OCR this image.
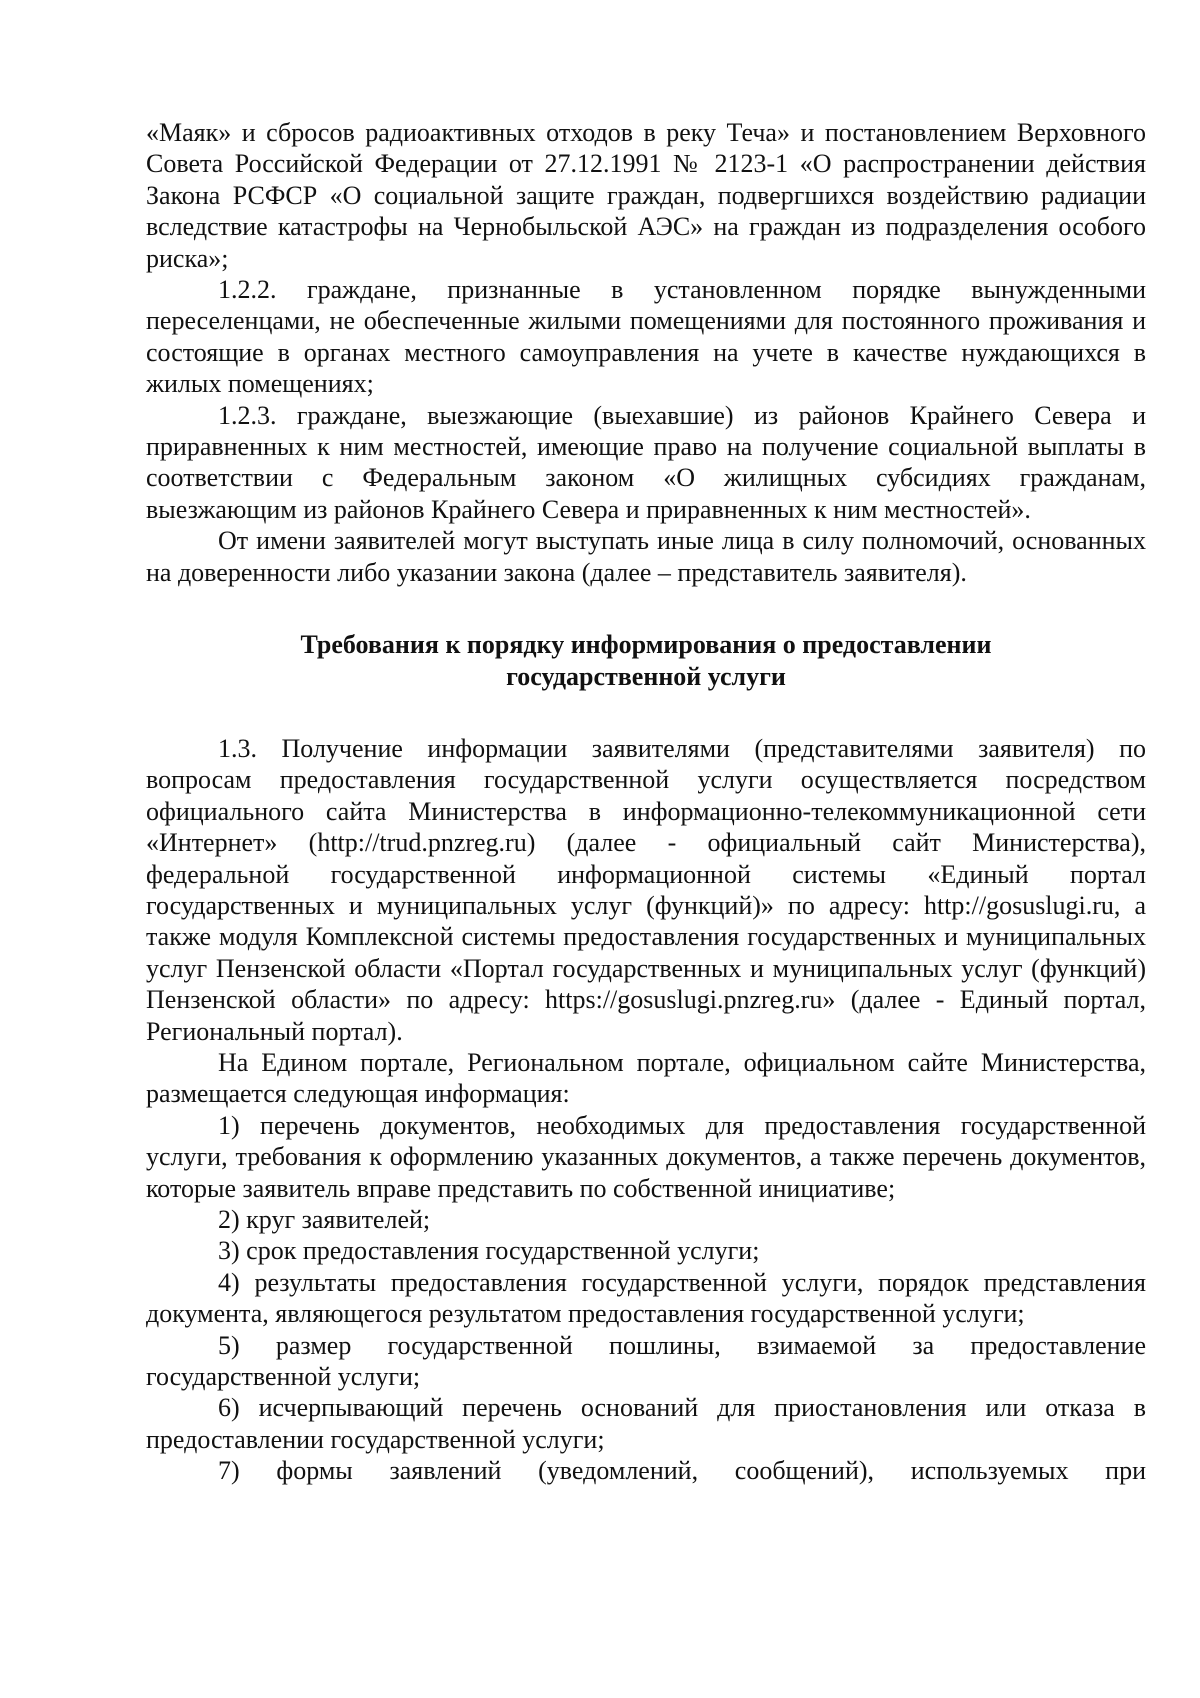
«Маяк» и сбросов радиоактивных отходов в реку Теча» и постановлением Верховного Совета Российской Федерации от 27.12.1991 № 2123-1 «О распространении действия Закона РСФСР «О социальной защите граждан, подвергшихся воздействию радиации вследствие катастрофы на Чернобыльской АЭС» на граждан из подразделения особого риска»;

1.2.2. граждане, признанные в установленном порядке вынужденными переселенцами, не обеспеченные жилыми помещениями для постоянного проживания и состоящие в органах местного самоуправления на учете в качестве нуждающихся в жилых помещениях;

1.2.3. граждане, выезжающие (выехавшие) из районов Крайнего Севера и приравненных к ним местностей, имеющие право на получение социальной выплаты в соответствии с Федеральным законом «О жилищных субсидиях гражданам, выезжающим из районов Крайнего Севера и приравненных к ним местностей».

От имени заявителей могут выступать иные лица в силу полномочий, основанных на доверенности либо указании закона (далее – представитель заявителя).

Требования к порядку информирования о предоставлении

государственной услуги

1.3. Получение информации заявителями (представителями заявителя) по вопросам предоставления государственной услуги осуществляется посредством официального сайта Министерства в информационно-телекоммуникационной сети «Интернет» (http://trud.pnzreg.ru) (далее - официальный сайт Министерства), федеральной государственной информационной системы «Единый портал государственных и муниципальных услуг (функций)» по адресу: http://gosuslugi.ru, а также модуля Комплексной системы предоставления государственных и муниципальных услуг Пензенской области «Портал государственных и муниципальных услуг (функций) Пензенской области» по адресу: https://gosuslugi.pnzreg.ru» (далее - Единый портал, Региональный портал).

На Едином портале, Региональном портале, официальном сайте Министерства, размещается следующая информация:

1) перечень документов, необходимых для предоставления государственной услуги, требования к оформлению указанных документов, а также перечень документов, которые заявитель вправе представить по собственной инициативе;

2) круг заявителей;

3) срок предоставления государственной услуги;

4) результаты предоставления государственной услуги, порядок представления документа, являющегося результатом предоставления государственной услуги;

5) размер государственной пошлины, взимаемой за предоставление государственной услуги;

6) исчерпывающий перечень оснований для приостановления или отказа в предоставлении государственной услуги;

7) формы заявлений (уведомлений, сообщений), используемых при
